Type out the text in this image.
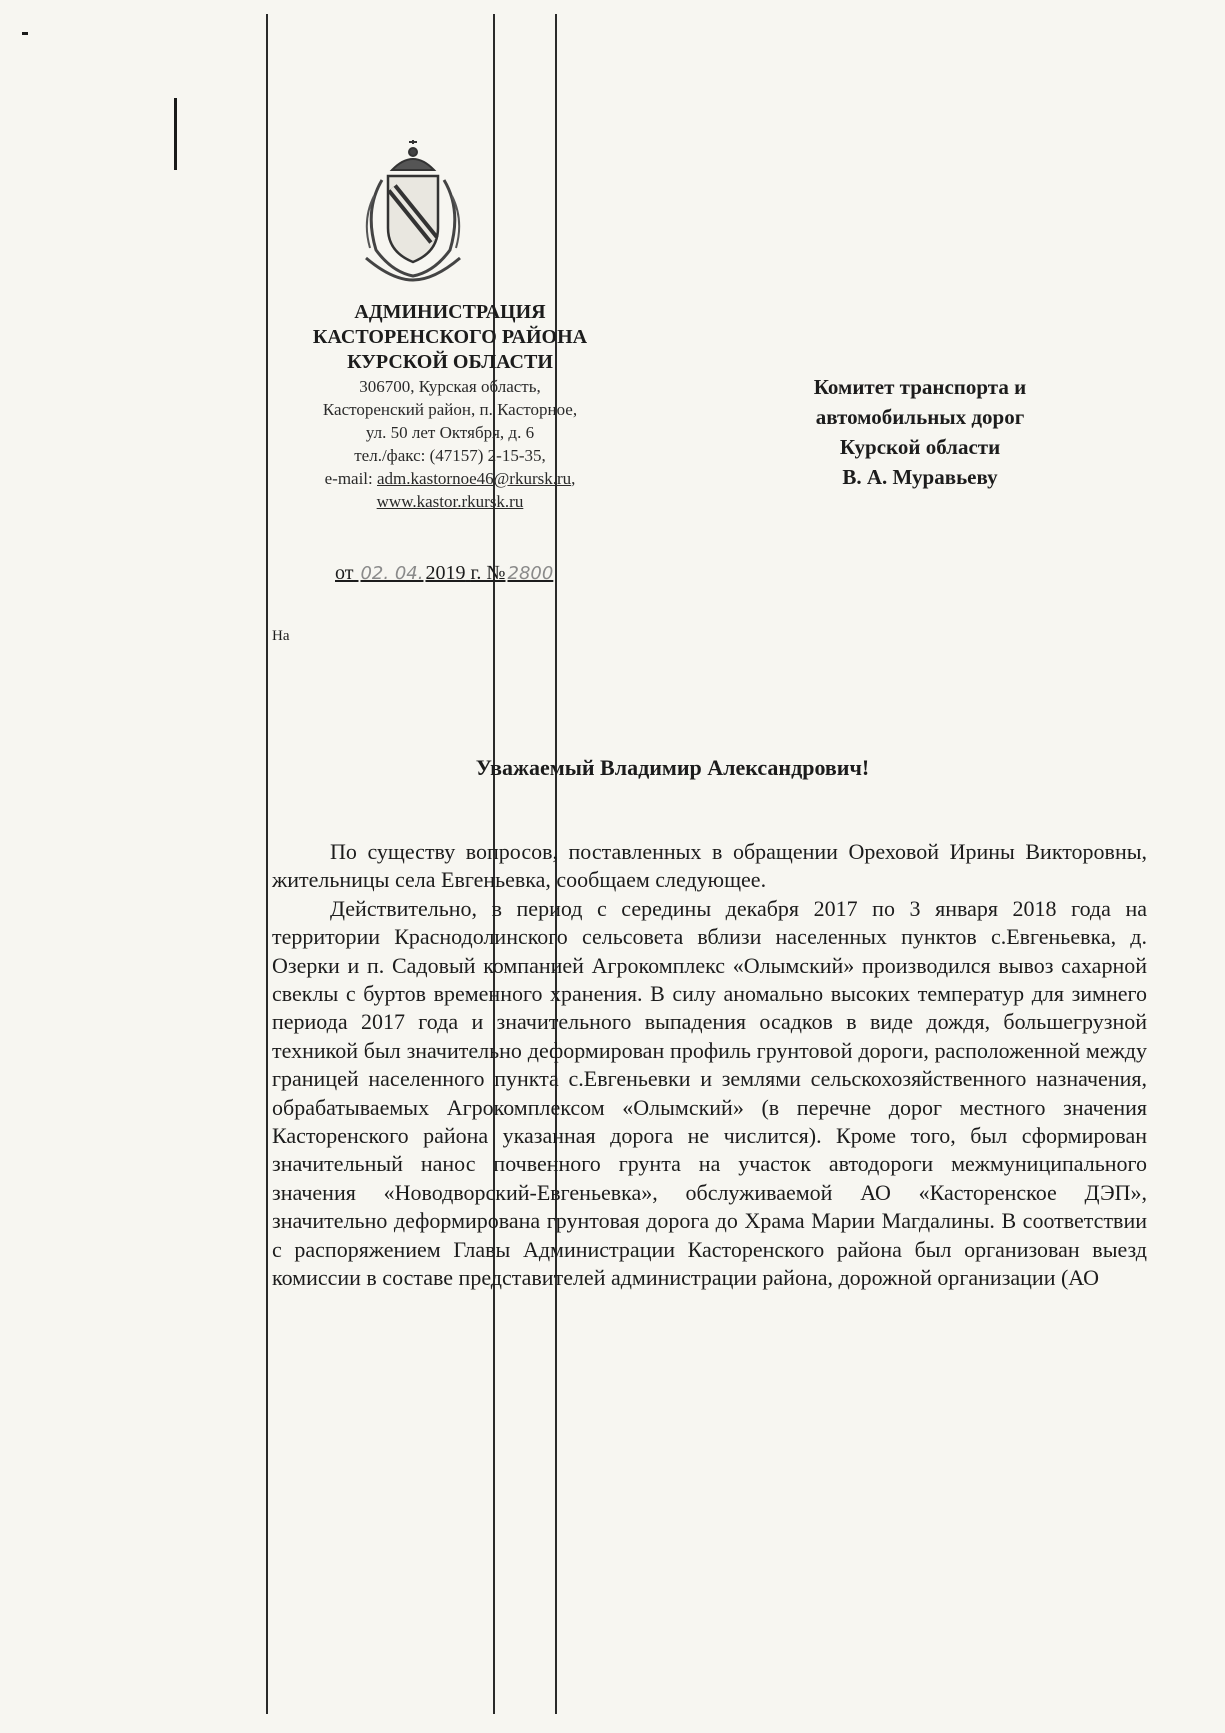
АДМИНИСТРАЦИЯ

КАСТОРЕНСКОГО РАЙОНА

КУРСКОЙ ОБЛАСТИ

306700, Курская область,

Касторенский район, п. Касторное,

ул. 50 лет Октября, д. 6

тел./факс: (47157) 2-15-35,

e-mail: adm.kastornoe46@rkursk.ru,

www.kastor.rkursk.ru

от 02. 04. 2019 г. № 2800
На
Комитет транспорта и
автомобильных дорог
Курской области
В. А. Муравьеву
Уважаемый Владимир Александрович!

По существу вопросов, поставленных в обращении Ореховой Ирины Викторовны, жительницы села Евгеньевка, сообщаем следующее.

Действительно, в период с середины декабря 2017 по 3 января 2018 года на территории Краснодолинского сельсовета вблизи населенных пунктов с.Евгеньевка, д. Озерки и п. Садовый компанией Агрокомплекс «Олымский» производился вывоз сахарной свеклы с буртов временного хранения. В силу аномально высоких температур для зимнего периода 2017 года и значительного выпадения осадков в виде дождя, большегрузной техникой был значительно деформирован профиль грунтовой дороги, расположенной между границей населенного пункта с.Евгеньевки и землями сельскохозяйственного назначения, обрабатываемых Агрокомплексом «Олымский» (в перечне дорог местного значения Касторенского района указанная дорога не числится). Кроме того, был сформирован значительный нанос почвенного грунта на участок автодороги межмуниципального значения «Новодворский-Евгеньевка», обслуживаемой АО «Касторенское ДЭП», значительно деформирована грунтовая дорога до Храма Марии Магдалины. В соответствии с распоряжением Главы Администрации Касторенского района был организован выезд комиссии в составе представителей администрации района, дорожной организации (АО
